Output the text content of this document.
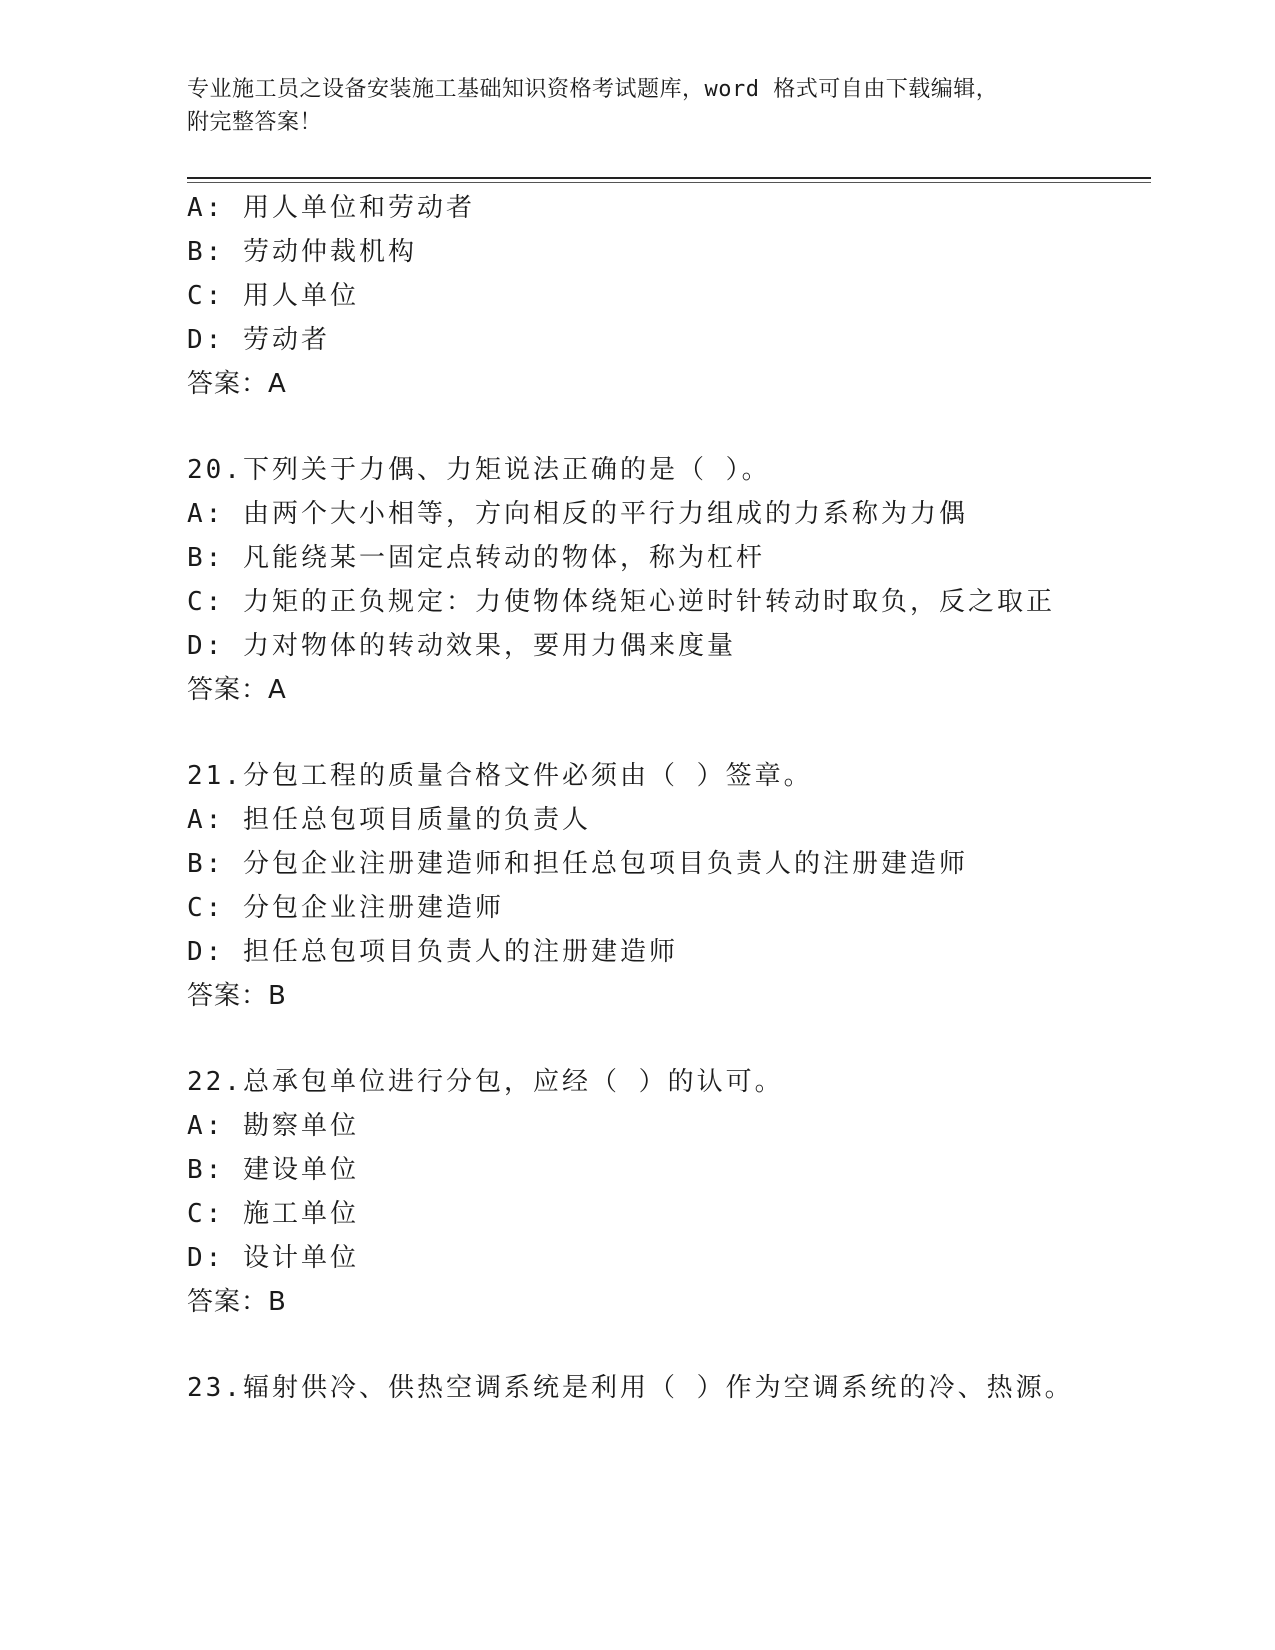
专业施工员之设备安装施工基础知识资格考试题库，word 格式可自由下载编辑，
附完整答案！
A: 用人单位和劳动者
B: 劳动仲裁机构
C: 用人单位
D: 劳动者
答案：A
20.下列关于力偶、力矩说法正确的是（ ）。
A: 由两个大小相等，方向相反的平行力组成的力系称为力偶
B: 凡能绕某一固定点转动的物体，称为杠杆
C: 力矩的正负规定：力使物体绕矩心逆时针转动时取负，反之取正
D: 力对物体的转动效果，要用力偶来度量
答案：A
21.分包工程的质量合格文件必须由（ ）签章。
A: 担任总包项目质量的负责人
B: 分包企业注册建造师和担任总包项目负责人的注册建造师
C: 分包企业注册建造师
D: 担任总包项目负责人的注册建造师
答案：B
22.总承包单位进行分包，应经（ ）的认可。
A: 勘察单位
B: 建设单位
C: 施工单位
D: 设计单位
答案：B
23.辐射供冷、供热空调系统是利用（ ）作为空调系统的冷、热源。
